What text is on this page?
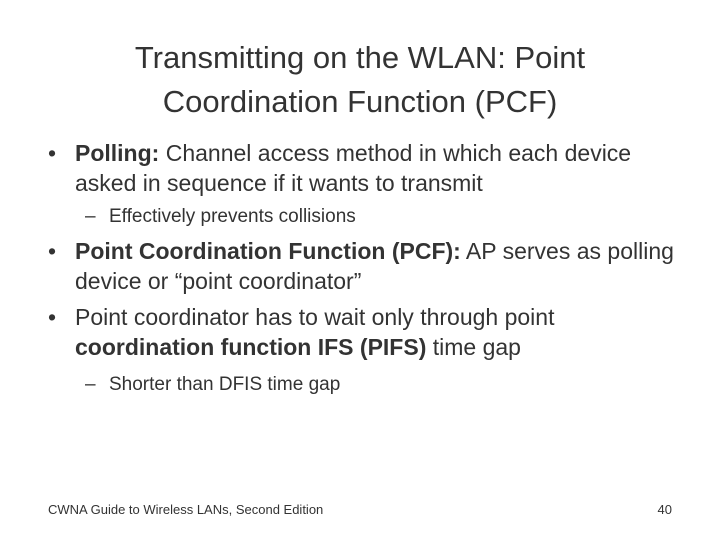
Transmitting on the WLAN: Point Coordination Function (PCF)
• Polling: Channel access method in which each device asked in sequence if it wants to transmit
– Effectively prevents collisions
• Point Coordination Function (PCF): AP serves as polling device or “point coordinator”
• Point coordinator has to wait only through point coordination function IFS (PIFS) time gap
– Shorter than DFIS time gap
CWNA Guide to Wireless LANs, Second Edition	40
